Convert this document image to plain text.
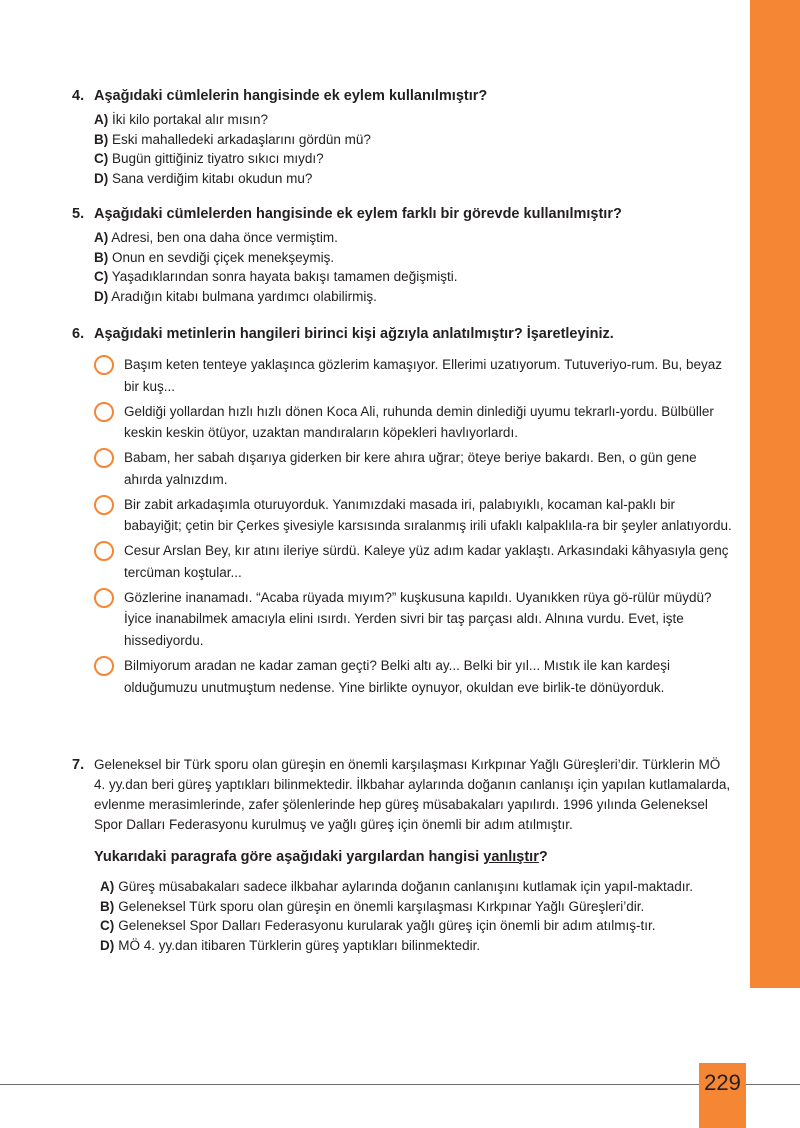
4. Aşağıdaki cümlelerin hangisinde ek eylem kullanılmıştır?
A) İki kilo portakal alır mısın?
B) Eski mahalledeki arkadaşlarını gördün mü?
C) Bugün gittiğiniz tiyatro sıkıcı mıydı?
D) Sana verdiğim kitabı okudun mu?
5. Aşağıdaki cümlelerden hangisinde ek eylem farklı bir görevde kullanılmıştır?
A) Adresi, ben ona daha önce vermiştim.
B) Onun en sevdiği çiçek menekşeymiş.
C) Yaşadıklarından sonra hayata bakışı tamamen değişmişti.
D) Aradığın kitabı bulmana yardımcı olabilirmiş.
6. Aşağıdaki metinlerin hangileri birinci kişi ağzıyla anlatılmıştır? İşaretleyiniz.
Başım keten tenteye yaklaşınca gözlerim kamaşıyor. Ellerimi uzatıyorum. Tutuveriyo-rum. Bu, beyaz bir kuş...
Geldiği yollardan hızlı hızlı dönen Koca Ali, ruhunda demin dinlediği uyumu tekrarlı-yordu. Bülbüller keskin keskin ötüyor, uzaktan mandıraların köpekleri havlıyorlardı.
Babam, her sabah dışarıya giderken bir kere ahıra uğrar; öteye beriye bakardı. Ben, o gün gene ahırda yalnızdım.
Bir zabit arkadaşımla oturuyorduk. Yanımızdaki masada iri, palabıyıklı, kocaman kal-paklı bir babayiğit; çetin bir Çerkes şivesiyle karsısında sıralanmış irili ufaklı kalpaklıla-ra bir şeyler anlatıyordu.
Cesur Arslan Bey, kır atını ileriye sürdü. Kaleye yüz adım kadar yaklaştı. Arkasındaki kâhyasıyla genç tercüman koştular...
Gözlerine inanamadı. “Acaba rüyada mıyım?” kuşkusuna kapıldı. Uyanıkken rüya gö-rülür müydü? İyice inanabilmek amacıyla elini ısırdı. Yerden sivri bir taş parçası aldı. Alnına vurdu. Evet, işte hissediyordu.
Bilmiyorum aradan ne kadar zaman geçti? Belki altı ay... Belki bir yıl... Mıstık ile kan kardeşi olduğumuzu unutmuştum nedense. Yine birlikte oynuyor, okuldan eve birlik-te dönüyorduk.
7. Geleneksel bir Türk sporu olan güreşin en önemli karşılaşması Kırkpınar Yağlı Güreşleri’dir. Türklerin MÖ 4. yy.dan beri güreş yaptıkları bilinmektedir. İlkbahar aylarında doğanın canlanışı için yapılan kutlamalarda, evlenme merasimlerinde, zafer şölenlerinde hep güreş müsabakaları yapılırdı. 1996 yılında Geleneksel Spor Dalları Federasyonu kurulmuş ve yağlı güreş için önemli bir adım atılmıştır.
Yukarıdaki paragrafa göre aşağıdaki yargılardan hangisi yanlıştır?
A) Güreş müsabakaları sadece ilkbahar aylarında doğanın canlanışını kutlamak için yapıl-maktadır.
B) Geleneksel Türk sporu olan güreşin en önemli karşılaşması Kırkpınar Yağlı Güreşleri’dir.
C) Geleneksel Spor Dalları Federasyonu kurularak yağlı güreş için önemli bir adım atılmış-tır.
D) MÖ 4. yy.dan itibaren Türklerin güreş yaptıkları bilinmektedir.
229
